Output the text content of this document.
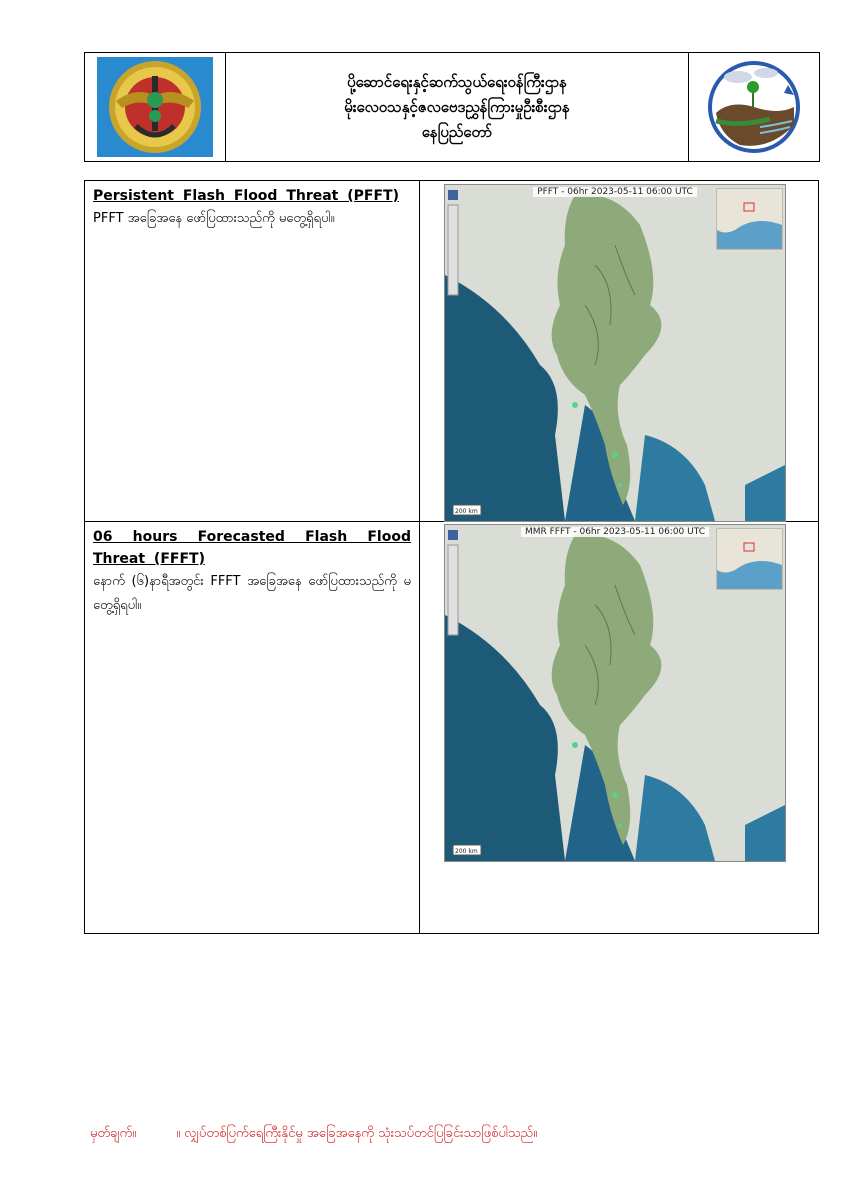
ပို့ဆောင်ရေးနှင့်ဆက်သွယ်ရေးဝန်ကြီးဌာန
မိုးလေဝသနှင့်ဇလဗေဒညွှန်ကြားမှုဦးစီးဌာန
နေပြည်တော်
Persistent Flash Flood Threat (PFFT)
PFFT အခြေအနေ ဖော်ပြထားသည်ကို မတွေ့ရှိရပါ။
200 km
PFFT - 06hr 2023-05-11 06:00 UTC
06 hours Forecasted Flash Flood Threat (FFFT)
နောက် (၆)နာရီအတွင်း FFFT အခြေအနေ ဖော်ပြထားသည်ကို မတွေ့ရှိရပါ။
200 km
MMR FFFT - 06hr 2023-05-11 06:00 UTC
မှတ်ချက်။	။ လျှပ်တစ်ပြက်ရေကြီးနိုင်မှု အခြေအနေကို သုံးသပ်တင်ပြခြင်းသာဖြစ်ပါသည်။
